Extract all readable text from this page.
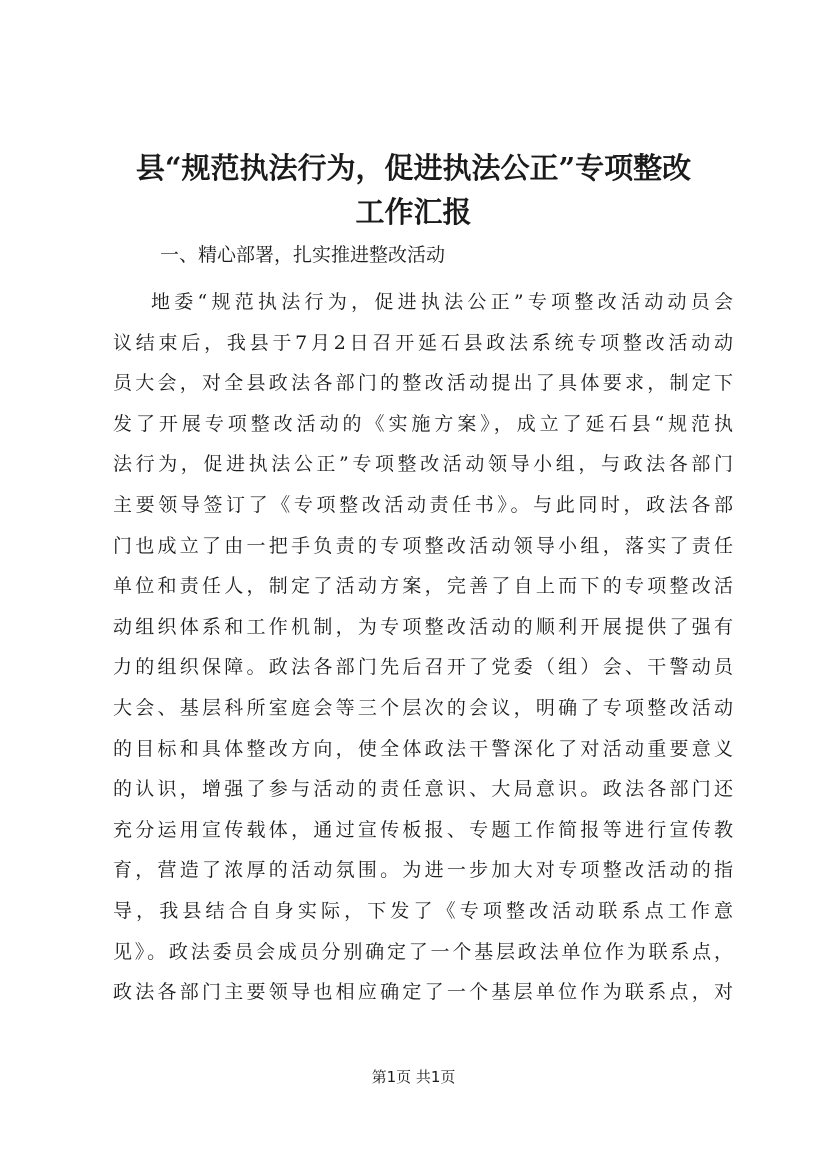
县“规范执法行为，促进执法公正”专项整改
工作汇报
一、精心部署，扎实推进整改活动
地委“规范执法行为，促进执法公正”专项整改活动动员会
议结束后，我县于7月2日召开延石县政法系统专项整改活动动
员大会，对全县政法各部门的整改活动提出了具体要求，制定下
发了开展专项整改活动的《实施方案》，成立了延石县“规范执
法行为，促进执法公正”专项整改活动领导小组，与政法各部门
主要领导签订了《专项整改活动责任书》。与此同时，政法各部
门也成立了由一把手负责的专项整改活动领导小组，落实了责任
单位和责任人，制定了活动方案，完善了自上而下的专项整改活
动组织体系和工作机制，为专项整改活动的顺利开展提供了强有
力的组织保障。政法各部门先后召开了党委（组）会、干警动员
大会、基层科所室庭会等三个层次的会议，明确了专项整改活动
的目标和具体整改方向，使全体政法干警深化了对活动重要意义
的认识，增强了参与活动的责任意识、大局意识。政法各部门还
充分运用宣传载体，通过宣传板报、专题工作简报等进行宣传教
育，营造了浓厚的活动氛围。为进一步加大对专项整改活动的指
导，我县结合自身实际，下发了《专项整改活动联系点工作意
见》。政法委员会成员分别确定了一个基层政法单位作为联系点，
政法各部门主要领导也相应确定了一个基层单位作为联系点，对
第1页 共1页
